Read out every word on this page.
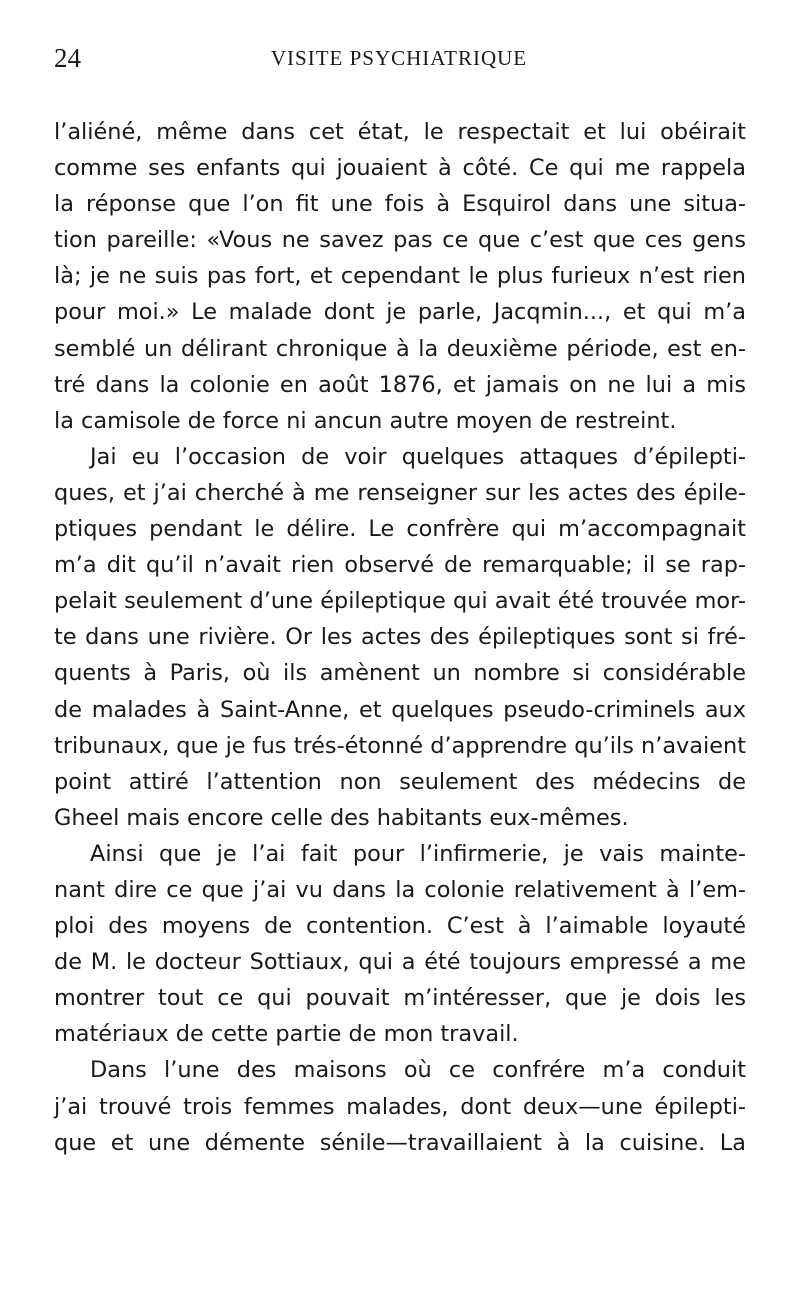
24	VISITE PSYCHIATRIQUE

l’aliéné, même dans cet état, le respectait et lui obéirait
comme ses enfants qui jouaient à côté. Ce qui me rappela
la réponse que l’on fit une fois à Esquirol dans une situa-
tion pareille: «Vous ne savez pas ce que c’est que ces gens
là; je ne suis pas fort, et cependant le plus furieux n’est rien
pour moi.» Le malade dont je parle, Jacqmin..., et qui m’a
semblé un délirant chronique à la deuxième période, est en-
tré dans la colonie en août 1876, et jamais on ne lui a mis
la camisole de force ni ancun autre moyen de restreint.

Jai eu l’occasion de voir quelques attaques d’épilepti-
ques, et j’ai cherché à me renseigner sur les actes des épile-
ptiques pendant le délire. Le confrère qui m’accompagnait
m’a dit qu’il n’avait rien observé de remarquable; il se rap-
pelait seulement d’une épileptique qui avait été trouvée mor-
te dans une rivière. Or les actes des épileptiques sont si fré-
quents à Paris, où ils amènent un nombre si considérable
de malades à Saint-Anne, et quelques pseudo-criminels aux
tribunaux, que je fus trés-étonné d’apprendre qu’ils n’avaient
point attiré l’attention non seulement des médecins de
Gheel mais encore celle des habitants eux-mêmes.

Ainsi que je l’ai fait pour l’infirmerie, je vais mainte-
nant dire ce que j’ai vu dans la colonie relativement à l’em-
ploi des moyens de contention. C’est à l’aimable loyauté
de M. le docteur Sottiaux, qui a été toujours empressé a me
montrer tout ce qui pouvait m’intéresser, que je dois les
matériaux de cette partie de mon travail.

Dans l’une des maisons où ce confrére m’a conduit
j’ai trouvé trois femmes malades, dont deux—une épilepti-
que et une démente sénile—travaillaient à la cuisine. La
